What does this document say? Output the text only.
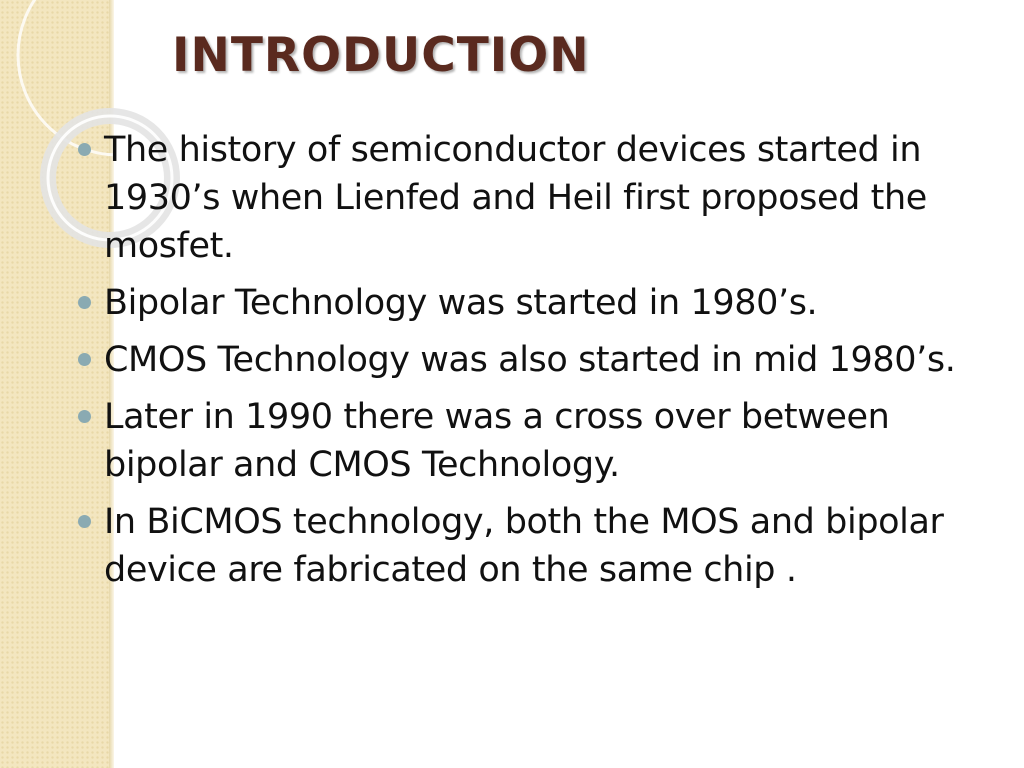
INTRODUCTION
The history of semiconductor devices started in 1930’s when Lienfed and Heil first proposed the mosfet.
Bipolar Technology was started in 1980’s.
CMOS Technology was also started in mid 1980’s.
Later in 1990 there was a cross over between bipolar and CMOS Technology.
In BiCMOS technology, both the MOS and bipolar device are fabricated on the same chip .
